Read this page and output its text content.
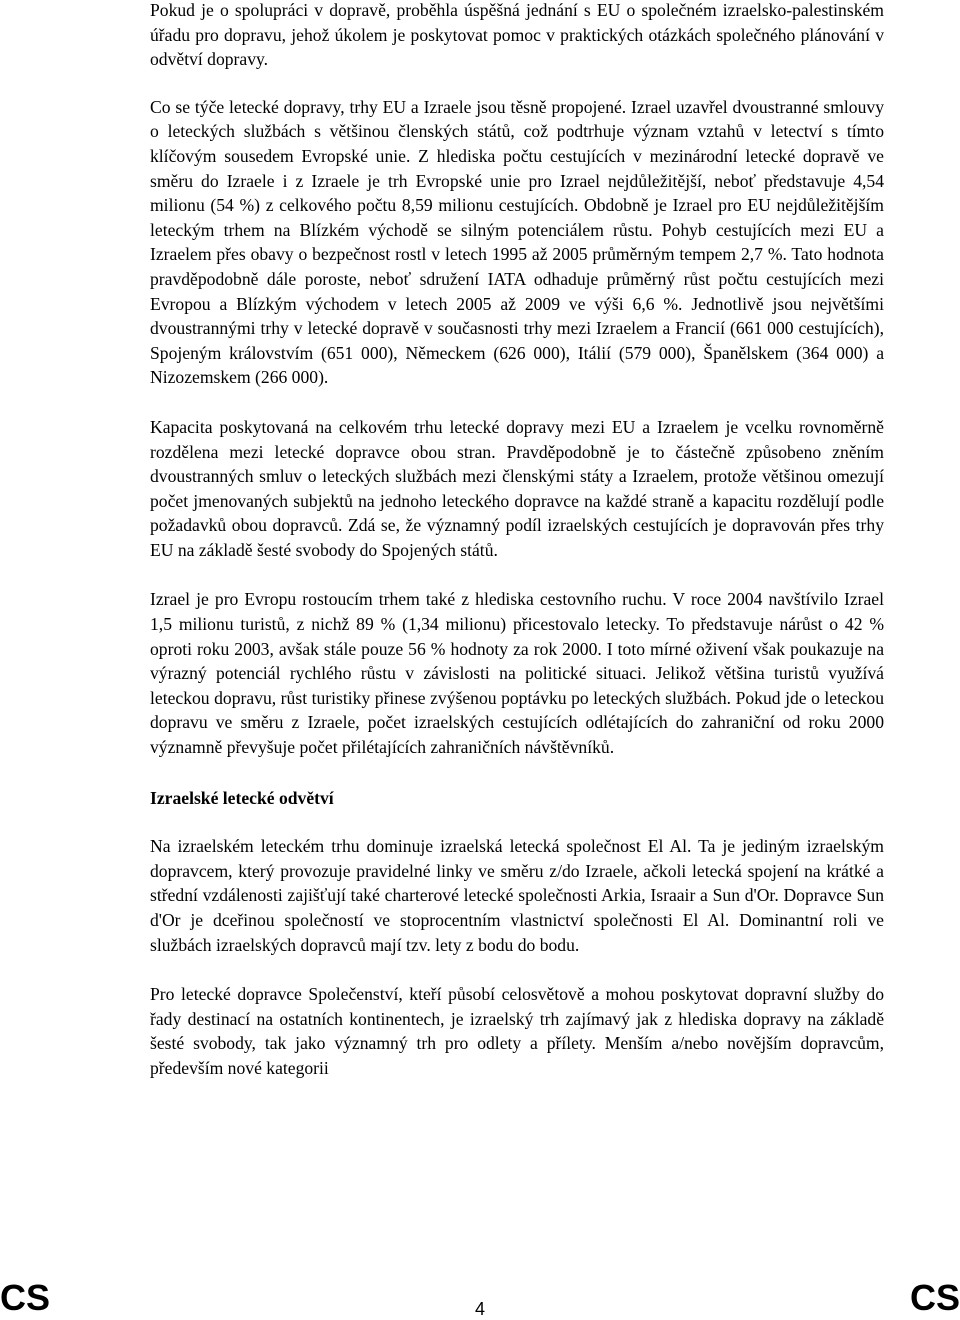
Pokud je o spolupráci v dopravě, proběhla úspěšná jednání s EU o společném izraelsko-palestinském úřadu pro dopravu, jehož úkolem je poskytovat pomoc v praktických otázkách společného plánování v odvětví dopravy.

Co se týče letecké dopravy, trhy EU a Izraele jsou těsně propojené. Izrael uzavřel dvoustranné smlouvy o leteckých službách s většinou členských států, což podtrhuje význam vztahů v letectví s tímto klíčovým sousedem Evropské unie. Z hlediska počtu cestujících v mezinárodní letecké dopravě ve směru do Izraele i z Izraele je trh Evropské unie pro Izrael nejdůležitější, neboť představuje 4,54 milionu (54 %) z celkového počtu 8,59 milionu cestujících. Obdobně je Izrael pro EU nejdůležitějším leteckým trhem na Blízkém východě se silným potenciálem růstu. Pohyb cestujících mezi EU a Izraelem přes obavy o bezpečnost rostl v letech 1995 až 2005 průměrným tempem 2,7 %. Tato hodnota pravděpodobně dále poroste, neboť sdružení IATA odhaduje průměrný růst počtu cestujících mezi Evropou a Blízkým východem v letech 2005 až 2009 ve výši 6,6 %. Jednotlivě jsou největšími dvoustrannými trhy v letecké dopravě v současnosti trhy mezi Izraelem a Francií (661 000 cestujících), Spojeným královstvím (651 000), Německem (626 000), Itálií (579 000), Španělskem (364 000) a Nizozemskem (266 000).

Kapacita poskytovaná na celkovém trhu letecké dopravy mezi EU a Izraelem je vcelku rovnoměrně rozdělena mezi letecké dopravce obou stran. Pravděpodobně je to částečně způsobeno zněním dvoustranných smluv o leteckých službách mezi členskými státy a Izraelem, protože většinou omezují počet jmenovaných subjektů na jednoho leteckého dopravce na každé straně a kapacitu rozdělují podle požadavků obou dopravců. Zdá se, že významný podíl izraelských cestujících je dopravován přes trhy EU na základě šesté svobody do Spojených států.

Izrael je pro Evropu rostoucím trhem také z hlediska cestovního ruchu. V roce 2004 navštívilo Izrael 1,5 milionu turistů, z nichž 89 % (1,34 milionu) přicestovalo letecky. To představuje nárůst o 42 % oproti roku 2003, avšak stále pouze 56 % hodnoty za rok 2000. I toto mírné oživení však poukazuje na výrazný potenciál rychlého růstu v závislosti na politické situaci. Jelikož většina turistů využívá leteckou dopravu, růst turistiky přinese zvýšenou poptávku po leteckých službách. Pokud jde o leteckou dopravu ve směru z Izraele, počet izraelských cestujících odlétajících do zahraniční od roku 2000 významně převyšuje počet přilétajících zahraničních návštěvníků.

Izraelské letecké odvětví

Na izraelském leteckém trhu dominuje izraelská letecká společnost El Al. Ta je jediným izraelským dopravcem, který provozuje pravidelné linky ve směru z/do Izraele, ačkoli letecká spojení na krátké a střední vzdálenosti zajišťují také charterové letecké společnosti Arkia, Israair a Sun d'Or. Dopravce Sun d'Or je dceřinou společností ve stoprocentním vlastnictví společnosti El Al. Dominantní roli ve službách izraelských dopravců mají tzv. lety z bodu do bodu.

Pro letecké dopravce Společenství, kteří působí celosvětově a mohou poskytovat dopravní služby do řady destinací na ostatních kontinentech, je izraelský trh zajímavý jak z hlediska dopravy na základě šesté svobody, tak jako významný trh pro odlety a přílety. Menším a/nebo novějším dopravcům, především nové kategorii

CS	4	CS
